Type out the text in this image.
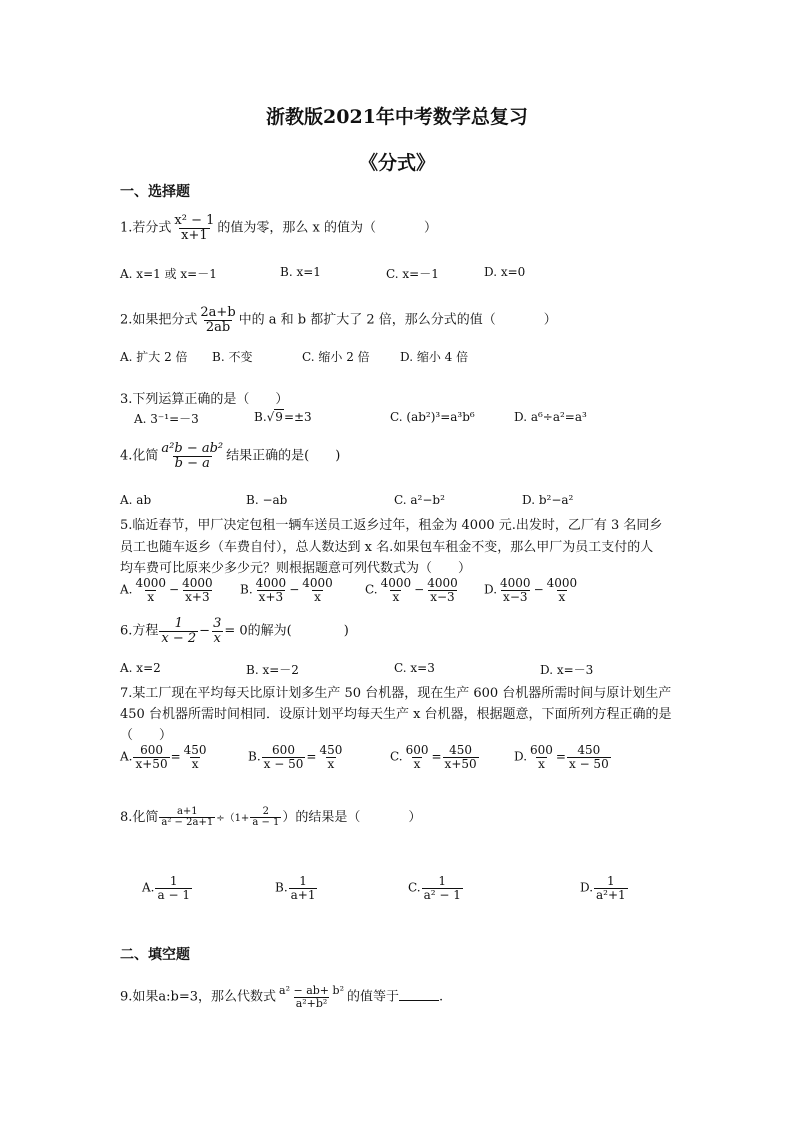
浙教版2021年中考数学总复习
《分式》
一、选择题
1.若分式 $\frac{\text{x² − 1}}{x+1}$ 的值为零，那么 x 的值为（	）
A. x=1 或 x=－1	B. x=1	C. x=－1	D. x=0
2.如果把分式 $\frac{2a+b}{2ab}$ 中的 a 和 b 都扩大了 2 倍，那么分式的值（	）
A. 扩大 2 倍 B. 不变	C. 缩小 2 倍	D. 缩小 4 倍
3.下列运算正确的是（　　）
A. 3⁻¹=－3	B.√9=±3	C. (ab²)³=a³b⁶	D. a⁶÷a²=a³
4.化简 $\frac{\text{a²b − ab²}}{b - a}$ 结果正确的是(　　)
A. ab	B. −ab	C. a²−b²	D. b²−a²
5.临近春节，甲厂决定包租一辆车送员工返乡过年，租金为 4000 元.出发时，乙厂有 3 名同乡
员工也随车返乡（车费自付），总人数达到 x 名.如果包车租金不变，那么甲厂为员工支付的人
均车费可比原来少多少元？则根据题意可列代数式为（　　）
A. $\frac{4000}{x} - \frac{4000}{x+3} B$. $\frac{4000}{x+3} - \frac{4000}{x}$	C. $\frac{4000}{x} - \frac{4000}{x-3} D$. $\frac{4000}{x-3} - \frac{4000}{x}$
6.方程 $\frac{1}{x - 2} - \frac{3}{x} = 0$的解为(　　　　)
A. x=2	B. x=－2	C. x=3	D. x=－3
7.某工厂现在平均每天比原计划多生产 50 台机器，现在生产 600 台机器所需时间与原计划生产
450 台机器所需时间相同．设原计划平均每天生产 x 台机器，根据题意，下面所列方程正确的是
（　　）
A. $\frac{600}{x+50} = \frac{450}{x}$	B. $\frac{600}{x - 50} = \frac{450}{x}$	C. $\frac{600}{x} = \frac{450}{x+50}$	D. $\frac{600}{x} = \frac{450}{x - 50}$
8.化简 $\frac{a+1}{\text{a² − 2a+1}} \div(1+ \frac{2}{a - 1}$ ）的结果是（	）
A. $\frac{1}{a - 1}$	B. $\frac{1}{a+1}$	C. $\frac{1}{\text{a² − 1}}$	D. $\frac{1}{\text{a²+1}}$
二、填空题
9.如果a:b=3，那么代数式 $\frac{\text{a² − ab+ b²}}{\text{a²+b²}}$ 的值等于	.
